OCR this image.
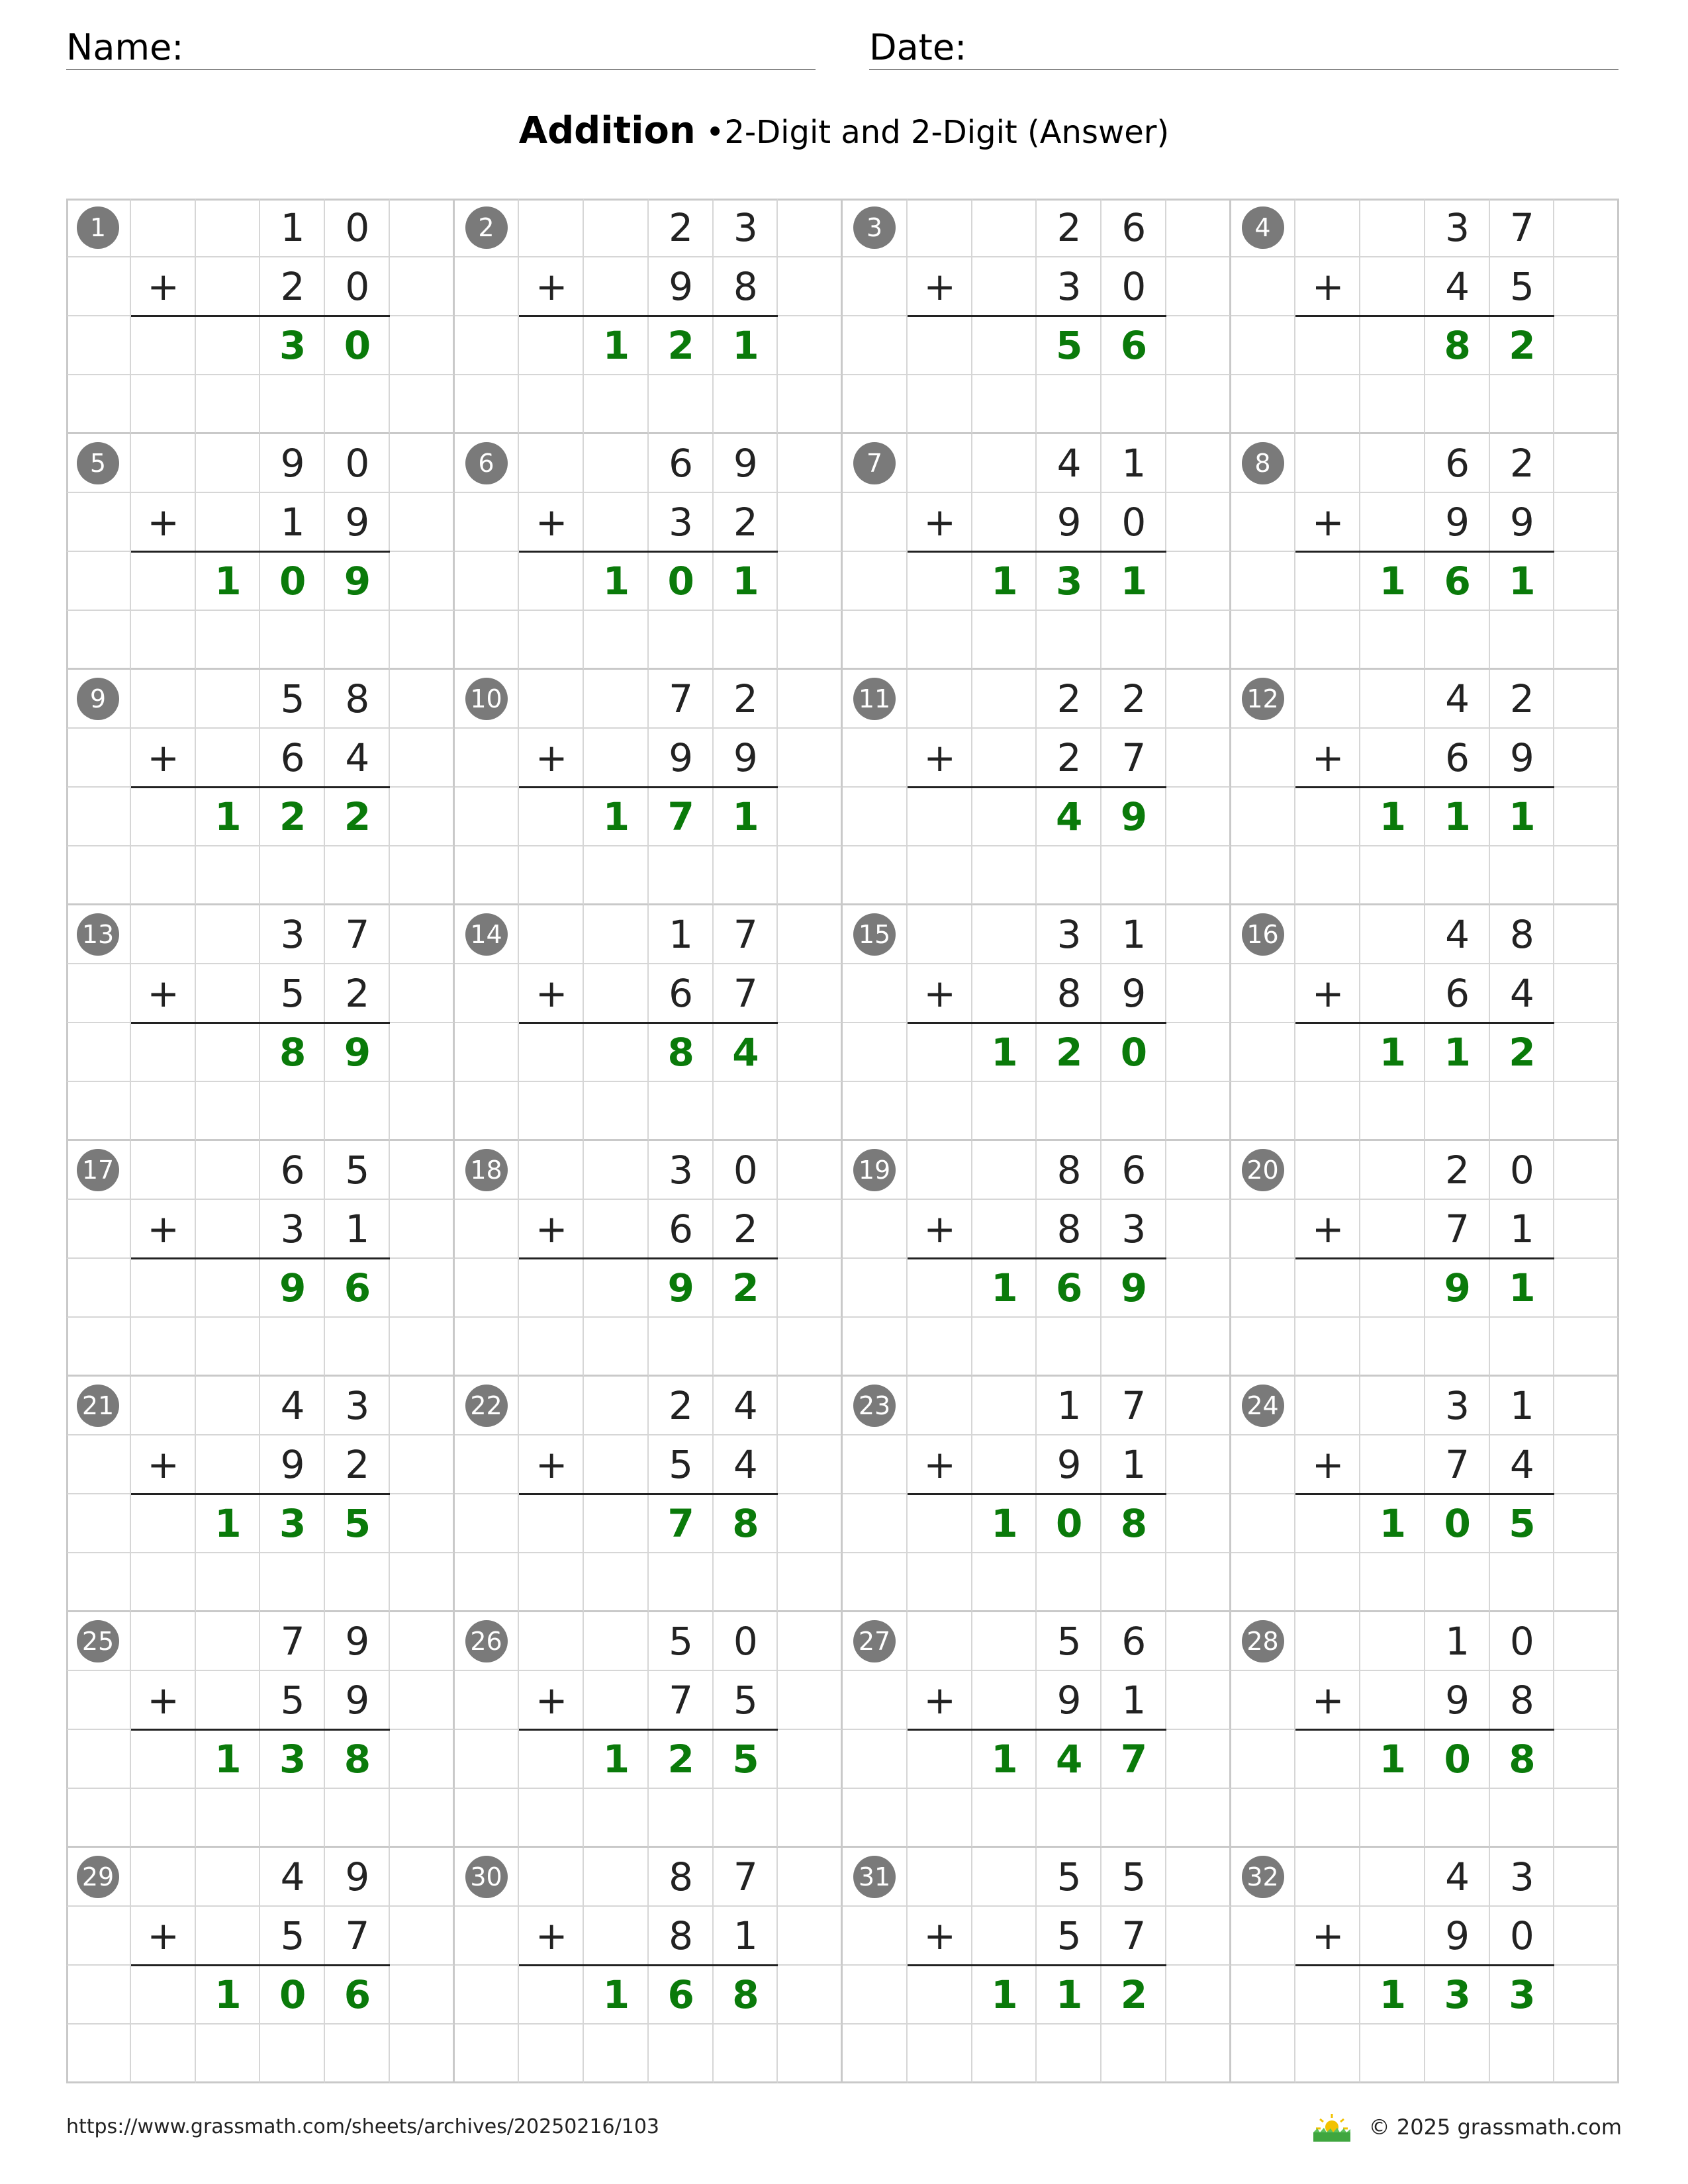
Name:	Date:
Addition •2-Digit and 2-Digit (Answer)
1	1	0
+	2	0
3 0
2	2	3
+	9	8
1 2 1
3	2	6
+	3	0
5 6
4	3	7
+	4	5
8 2
5	9	0
+	1	9
1 0 9
6	6	9
+	3	2
1 0 1
7	4	1
+	9	0
1 3 1
8	6	2
+	9	9
1 6 1
9	5	8
+	6	4
1 2 2
10	7	2
+	9	9
1 7 1
11	2	2
+	2	7
4 9
12	4	2
+	6	9
1 1 1
13	3	7
+	5	2
8 9
14	1	7
+	6	7
8 4
15	3	1
+	8	9
1 2 0
16	4	8
+	6	4
1 1 2
17	6	5
+	3	1
9 6
18	3	0
+	6	2
9 2
19	8	6
+	8	3
1 6 9
20	2	0
+	7	1
9 1
21	4	3
+	9	2
1 3 5
22	2	4
+	5	4
7 8
23	1	7
+	9	1
1 0 8
24	3	1
+	7	4
1 0 5
25	7	9
+	5	9
1 3 8
26	5	0
+	7	5
1 2 5
27	5	6
+	9	1
1 4 7
28	1	0
+	9	8
1 0 8
29	4	9
+	5	7
1 0 6
30	8	7
+	8	1
1 6 8
31	5	5
+	5	7
1 1 2
32	4	3
+	9	0
1 3 3
https://www.grassmath.com/sheets/archives/20250216/103	© 2025 grassmath.com
